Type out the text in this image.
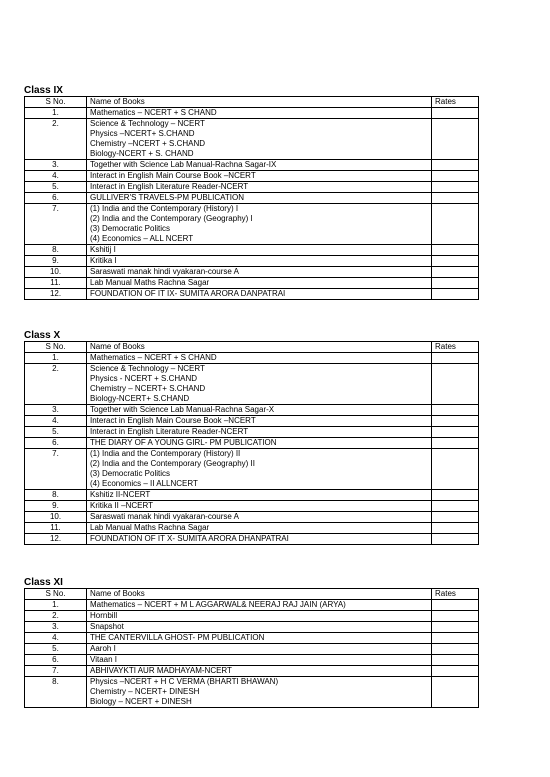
Class IX
S No.	Name of Books	Rates
1.	Mathematics – NCERT + S CHAND	

2.	Science & Technology – NCERT
Physics –NCERT+ S.CHAND
Chemistry –NCERT + S.CHAND
Biology-NCERT + S. CHAND	

3.	Together with Science Lab Manual-Rachna Sagar-IX	

4.	Interact in English Main Course Book –NCERT	

5.	Interact in English Literature Reader-NCERT	

6.	GULLIVER'S TRAVELS-PM PUBLICATION	

7.	(1) India and the Contemporary (History) I
(2) India and the Contemporary (Geography) I
(3) Democratic Politics
(4) Economics – ALL NCERT	

8.	Kshitij I	

9.	Kritika I	

10.	Saraswati manak hindi vyakaran-course A	

11.	Lab Manual Maths Rachna Sagar	

12.	FOUNDATION OF IT IX- SUMITA ARORA DANPATRAI	

Class X
S No.	Name of Books	Rates
1.	Mathematics – NCERT + S CHAND	

2.	Science & Technology – NCERT
Physics - NCERT + S.CHAND
Chemistry – NCERT+ S.CHAND
Biology-NCERT+ S.CHAND	

3.	Together with Science Lab Manual-Rachna Sagar-X	

4.	Interact in English Main Course Book –NCERT	

5.	Interact in English Literature Reader-NCERT	

6.	THE DIARY OF A YOUNG GIRL- PM PUBLICATION	

7.	(1) India and the Contemporary (History) II
(2) India and the Contemporary (Geography) II
(3) Democratic Politics
(4) Economics – II ALLNCERT	

8.	Kshitiz II-NCERT	

9.	Kritika II –NCERT	

10.	Saraswati manak hindi vyakaran-course A	

11.	Lab Manual Maths Rachna Sagar	

12.	FOUNDATION OF IT X- SUMITA ARORA DHANPATRAI	

Class XI
S No.	Name of Books	Rates
1.	Mathematics – NCERT + M L AGGARWAL& NEERAJ RAJ JAIN (ARYA)	

2.	Hornbill	

3.	Snapshot	

4.	THE CANTERVILLA GHOST- PM PUBLICATION	

5.	Aaroh I	

6.	Vitaan I	

7.	ABHIVAYKTI AUR MADHAYAM-NCERT	

8.	Physics –NCERT + H C VERMA (BHARTI BHAWAN)
Chemistry – NCERT+ DINESH
Biology – NCERT + DINESH	
